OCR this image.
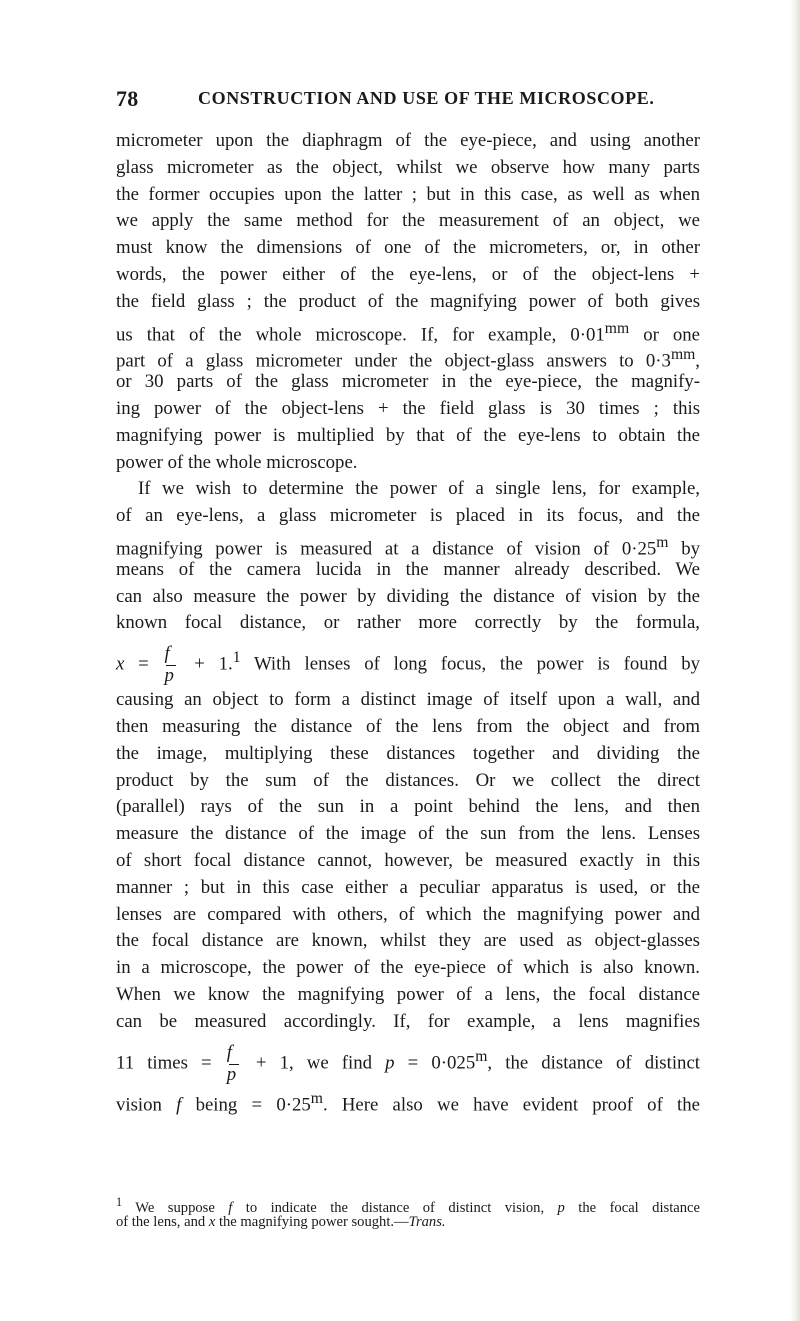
78	CONSTRUCTION AND USE OF THE MICROSCOPE.
micrometer upon the diaphragm of the eye-piece, and using another
glass micrometer as the object, whilst we observe how many parts
the former occupies upon the latter ; but in this case, as well as when
we apply the same method for the measurement of an object, we
must know the dimensions of one of the micrometers, or, in other
words, the power either of the eye-lens, or of the object-lens +
the field glass ; the product of the magnifying power of both gives
us that of the whole microscope. If, for example, $0\cdot 01^{mm}$ or one
part of a glass micrometer under the object-glass answers to $0\cdot 3^{mm}$,
or 30 parts of the glass micrometer in the eye-piece, the magnify-
ing power of the object-lens + the field glass is 30 times ; this
magnifying power is multiplied by that of the eye-lens to obtain the
power of the whole microscope.
If we wish to determine the power of a single lens, for example,
of an eye-lens, a glass micrometer is placed in its focus, and the
magnifying power is measured at a distance of vision of $0\cdot 25^m$ by
means of the camera lucida in the manner already described. We
can also measure the power by dividing the distance of vision by the
known focal distance, or rather more correctly by the formula,
$x = \frac{f}{p} + 1.^1$ With lenses of long focus, the power is found by
causing an object to form a distinct image of itself upon a wall, and
then measuring the distance of the lens from the object and from
the image, multiplying these distances together and dividing the
product by the sum of the distances. Or we collect the direct
(parallel) rays of the sun in a point behind the lens, and then
measure the distance of the image of the sun from the lens. Lenses
of short focal distance cannot, however, be measured exactly in this
manner ; but in this case either a peculiar apparatus is used, or the
lenses are compared with others, of which the magnifying power and
the focal distance are known, whilst they are used as object-glasses
in a microscope, the power of the eye-piece of which is also known.
When we know the magnifying power of a lens, the focal distance
can be measured accordingly. If, for example, a lens magnifies
11 times = $\frac{f}{p} + 1$, we find $p = 0\cdot 025^m$, the distance of distinct
vision f being = $0\cdot 25^m$. Here also we have evident proof of the
$^1$ We suppose f to indicate the distance of distinct vision, p the focal distance
of the lens, and x the magnifying power sought.—Trans.
